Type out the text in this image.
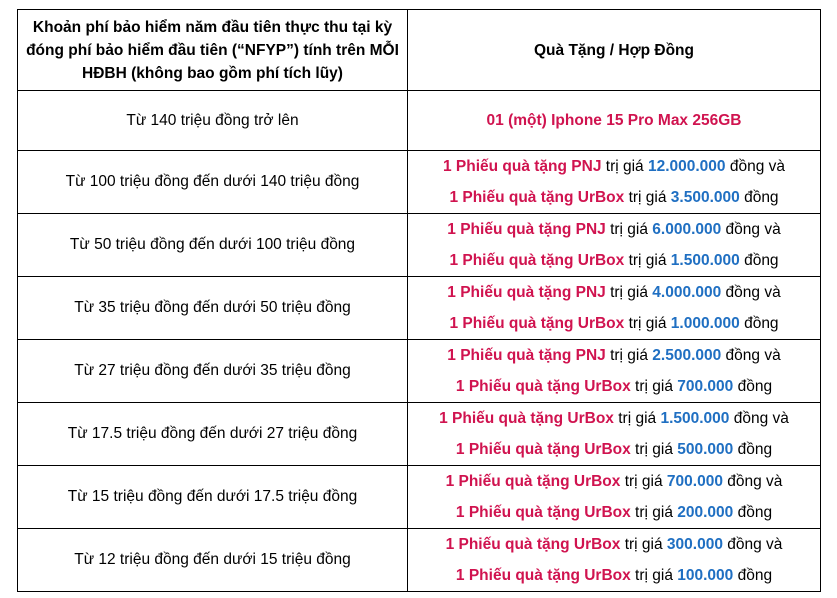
Khoản phí bảo hiểm năm đầu tiên thực thu tại kỳ đóng phí bảo hiểm đầu tiên (“NFYP”) tính trên MỖI HĐBH (không bao gồm phí tích lũy)	Quà Tặng / Hợp Đồng
Từ 140 triệu đồng trở lên	01 (một) Iphone 15 Pro Max 256GB
Từ 100 triệu đồng đến dưới 140 triệu đồng	1 Phiếu quà tặng PNJ trị giá 12.000.000 đồng và
1 Phiếu quà tặng UrBox trị giá 3.500.000 đồng

Từ 50 triệu đồng đến dưới 100 triệu đồng	1 Phiếu quà tặng PNJ trị giá 6.000.000 đồng và
1 Phiếu quà tặng UrBox trị giá 1.500.000 đồng

Từ 35 triệu đồng đến dưới 50 triệu đồng	1 Phiếu quà tặng PNJ trị giá 4.000.000 đồng và
1 Phiếu quà tặng UrBox trị giá 1.000.000 đồng

Từ 27 triệu đồng đến dưới 35 triệu đồng	1 Phiếu quà tặng PNJ trị giá 2.500.000 đồng và
1 Phiếu quà tặng UrBox trị giá 700.000 đồng

Từ 17.5 triệu đồng đến dưới 27 triệu đồng	1 Phiếu quà tặng UrBox trị giá 1.500.000 đồng và
1 Phiếu quà tặng UrBox trị giá 500.000 đồng

Từ 15 triệu đồng đến dưới 17.5 triệu đồng	1 Phiếu quà tặng UrBox trị giá 700.000 đồng và
1 Phiếu quà tặng UrBox trị giá 200.000 đồng

Từ 12 triệu đồng đến dưới 15 triệu đồng	1 Phiếu quà tặng UrBox trị giá 300.000 đồng và
1 Phiếu quà tặng UrBox trị giá 100.000 đồng
